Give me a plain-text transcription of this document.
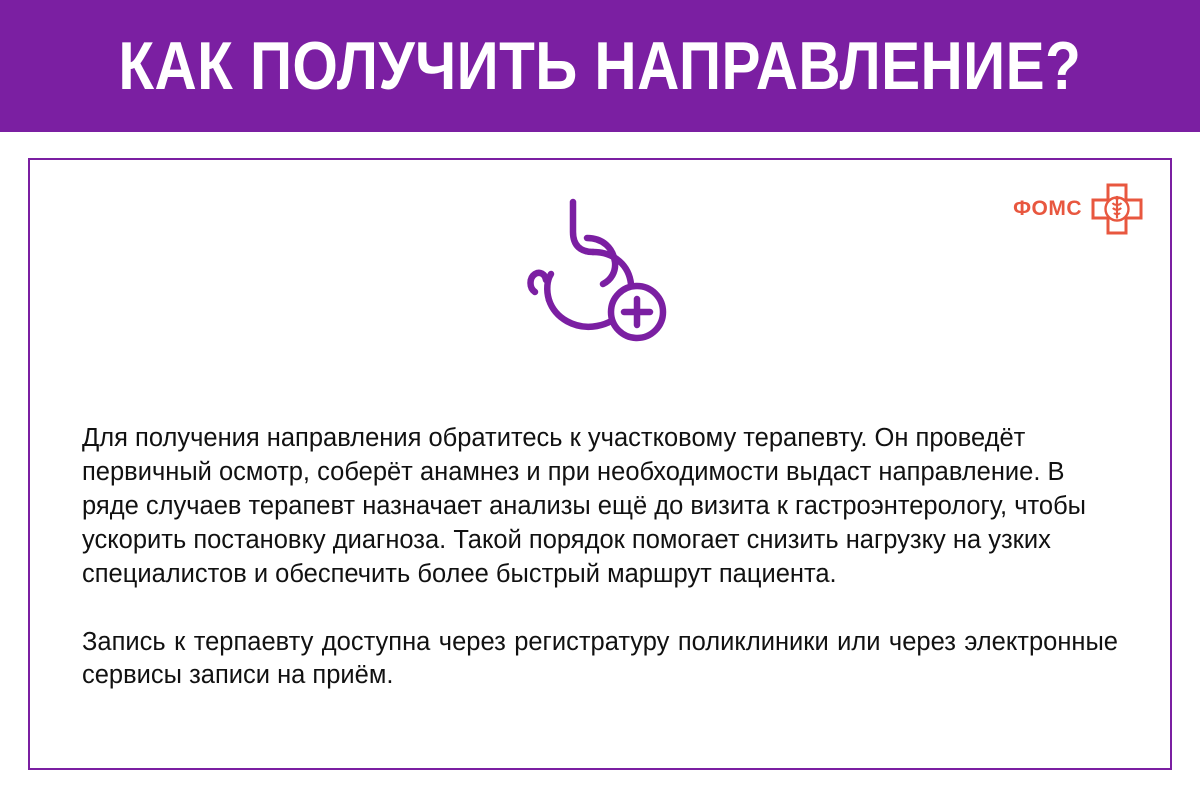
КАК ПОЛУЧИТЬ НАПРАВЛЕНИЕ?
ФОМС

Для получения направления обратитесь к участковому терапевту. Он проведёт первичный осмотр, соберёт анамнез и при необходимости выдаст направление. В ряде случаев терапевт назначает анализы ещё до визита к гастроэнтерологу, чтобы ускорить постановку диагноза. Такой порядок помогает снизить нагрузку на узких специалистов и обеспечить более быстрый маршрут пациента.

Запись к терпаевту доступна через регистратуру поликлиники или через электронные сервисы записи на приём.
